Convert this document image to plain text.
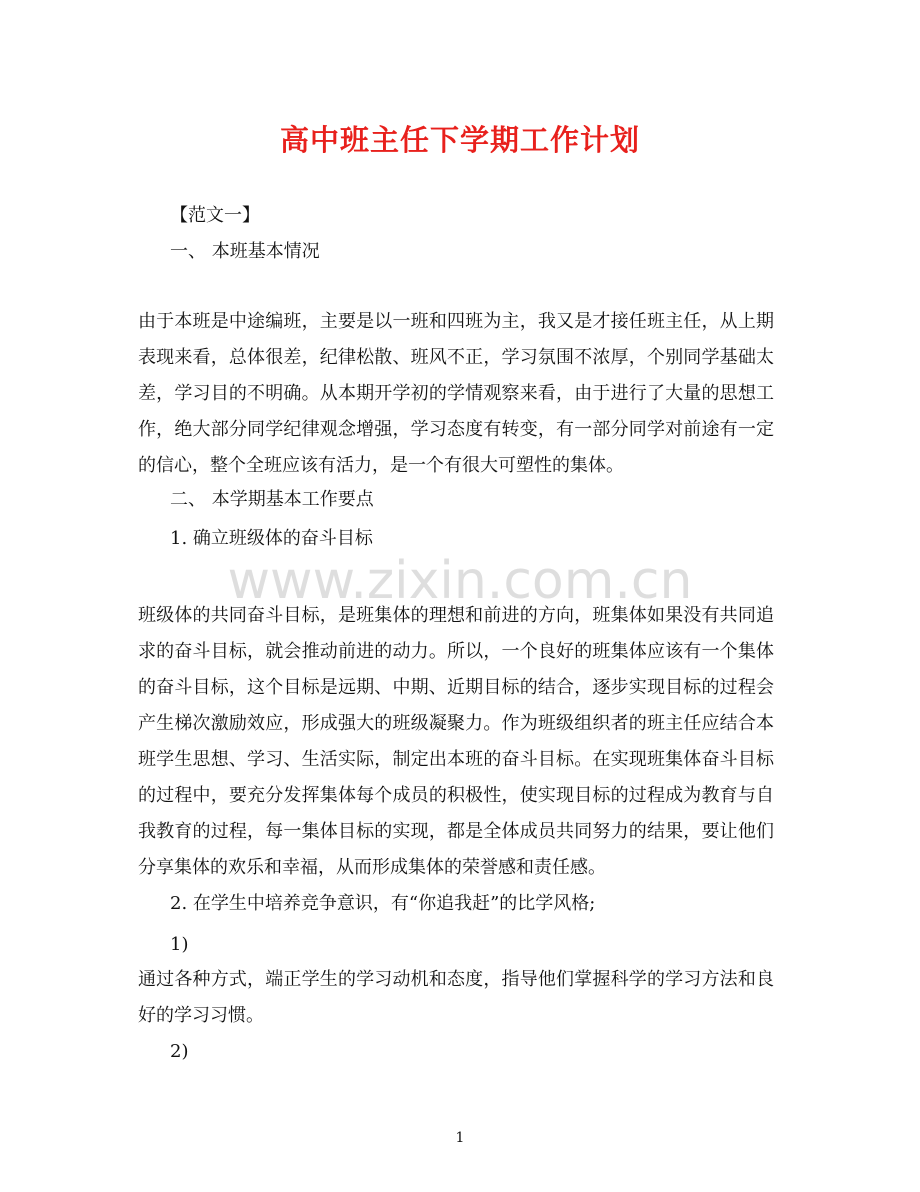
高中班主任下学期工作计划
【范文一】
一、 本班基本情况
由于本班是中途编班，主要是以一班和四班为主，我又是才接任班主任，从上期表现来看，总体很差，纪律松散、班风不正，学习氛围不浓厚，个别同学基础太差，学习目的不明确。从本期开学初的学情观察来看，由于进行了大量的思想工作，绝大部分同学纪律观念增强，学习态度有转变，有一部分同学对前途有一定的信心，整个全班应该有活力，是一个有很大可塑性的集体。
二、 本学期基本工作要点
1. 确立班级体的奋斗目标
班级体的共同奋斗目标，是班集体的理想和前进的方向，班集体如果没有共同追求的奋斗目标，就会推动前进的动力。所以，一个良好的班集体应该有一个集体的奋斗目标，这个目标是远期、中期、近期目标的结合，逐步实现目标的过程会产生梯次激励效应，形成强大的班级凝聚力。作为班级组织者的班主任应结合本班学生思想、学习、生活实际，制定出本班的奋斗目标。在实现班集体奋斗目标的过程中，要充分发挥集体每个成员的积极性，使实现目标的过程成为教育与自我教育的过程，每一集体目标的实现，都是全体成员共同努力的结果，要让他们分享集体的欢乐和幸福，从而形成集体的荣誉感和责任感。
2. 在学生中培养竞争意识，有“你追我赶”的比学风格;
1)
通过各种方式，端正学生的学习动机和态度，指导他们掌握科学的学习方法和良好的学习习惯。
2)
www.zixin.com.cn
1
